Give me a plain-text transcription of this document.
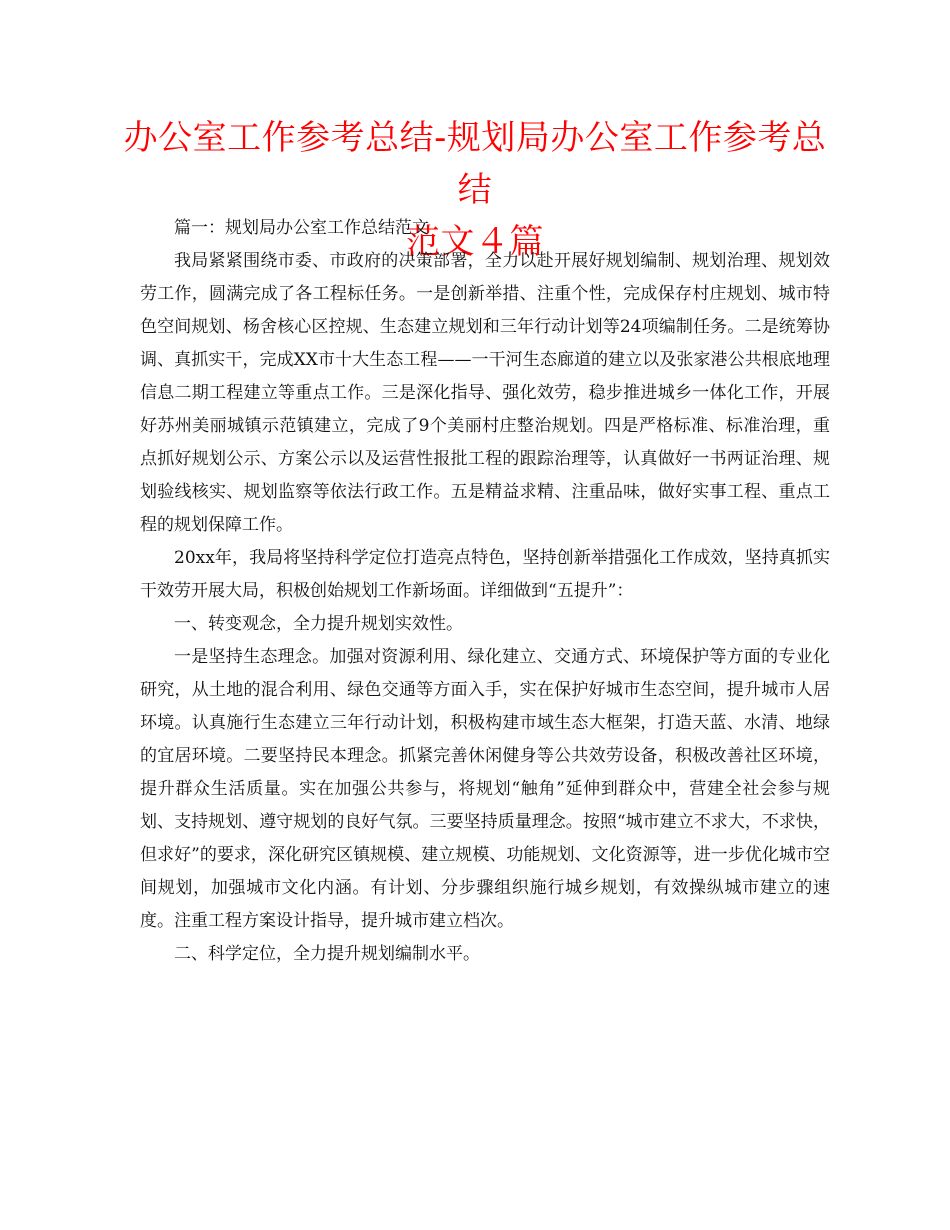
办公室工作参考总结-规划局办公室工作参考总结
范文４篇

篇一：规划局办公室工作总结范文

我局紧紧围绕市委、市政府的决策部署，全力以赴开展好规划编制、规划治理、规划效劳工作，圆满完成了各工程标任务。一是创新举措、注重个性，完成保存村庄规划、城市特色空间规划、杨舍核心区控规、生态建立规划和三年行动计划等24项编制任务。二是统筹协调、真抓实干，完成XX市十大生态工程——一干河生态廊道的建立以及张家港公共根底地理信息二期工程建立等重点工作。三是深化指导、强化效劳，稳步推进城乡一体化工作，开展好苏州美丽城镇示范镇建立，完成了9个美丽村庄整治规划。四是严格标准、标准治理，重点抓好规划公示、方案公示以及运营性报批工程的跟踪治理等，认真做好一书两证治理、规划验线核实、规划监察等依法行政工作。五是精益求精、注重品味，做好实事工程、重点工程的规划保障工作。

20xx年，我局将坚持科学定位打造亮点特色，坚持创新举措强化工作成效，坚持真抓实干效劳开展大局，积极创始规划工作新场面。详细做到“五提升”：

一、转变观念，全力提升规划实效性。

一是坚持生态理念。加强对资源利用、绿化建立、交通方式、环境保护等方面的专业化研究，从土地的混合利用、绿色交通等方面入手，实在保护好城市生态空间，提升城市人居环境。认真施行生态建立三年行动计划，积极构建市域生态大框架，打造天蓝、水清、地绿的宜居环境。二要坚持民本理念。抓紧完善休闲健身等公共效劳设备，积极改善社区环境，提升群众生活质量。实在加强公共参与，将规划“触角”延伸到群众中，营建全社会参与规划、支持规划、遵守规划的良好气氛。三要坚持质量理念。按照“城市建立不求大，不求快，但求好”的要求，深化研究区镇规模、建立规模、功能规划、文化资源等，进一步优化城市空间规划，加强城市文化内涵。有计划、分步骤组织施行城乡规划，有效操纵城市建立的速度。注重工程方案设计指导，提升城市建立档次。

二、科学定位，全力提升规划编制水平。
